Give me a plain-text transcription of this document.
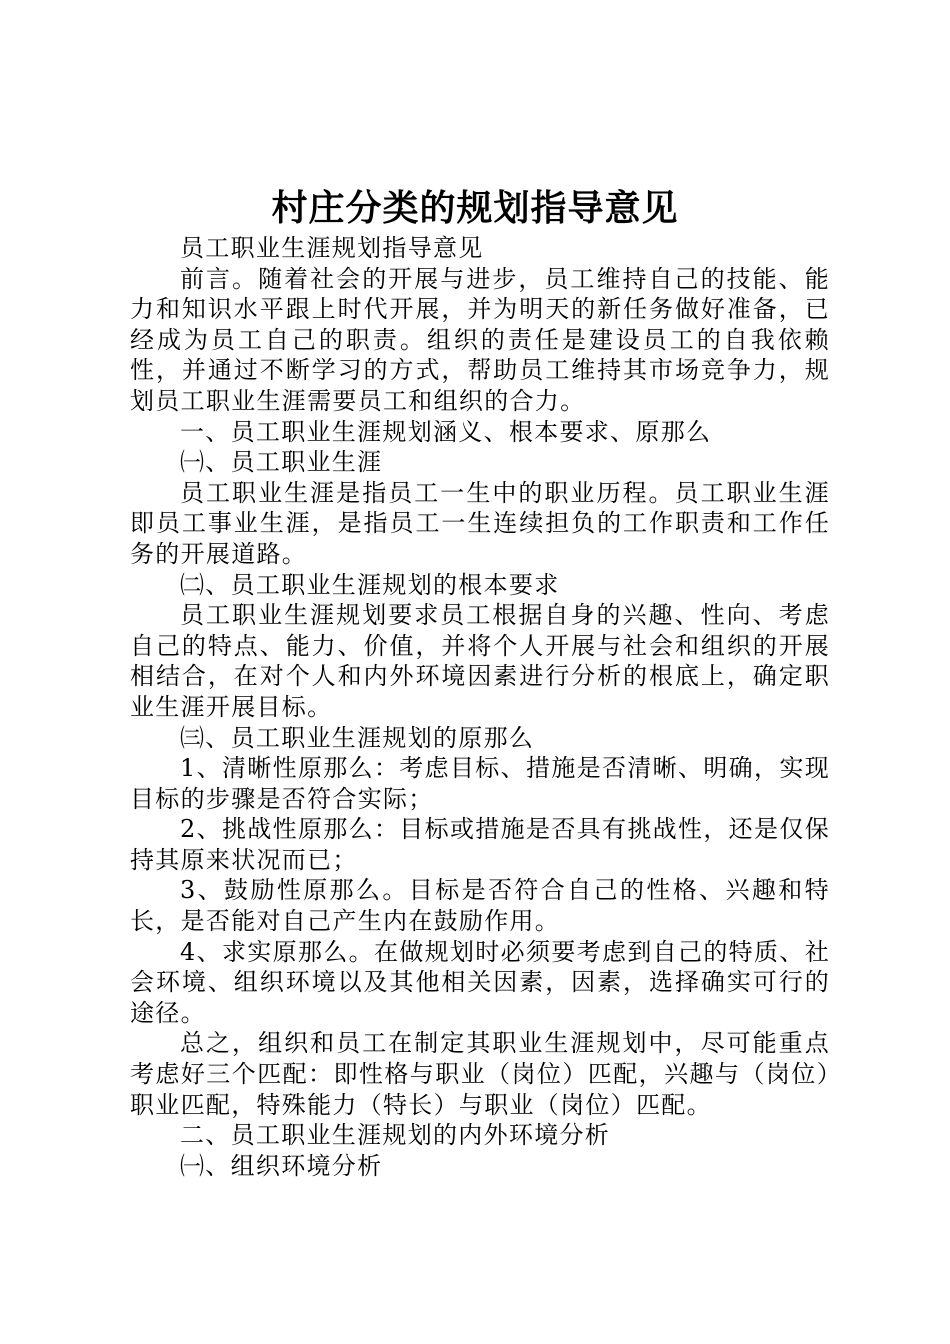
村庄分类的规划指导意见

员工职业生涯规划指导意见

前言。随着社会的开展与进步，员工维持自己的技能、能力和知识水平跟上时代开展，并为明天的新任务做好准备，已经成为员工自己的职责。组织的责任是建设员工的自我依赖性，并通过不断学习的方式，帮助员工维持其市场竞争力，规划员工职业生涯需要员工和组织的合力。

一、员工职业生涯规划涵义、根本要求、原那么

㈠、员工职业生涯

员工职业生涯是指员工一生中的职业历程。员工职业生涯即员工事业生涯，是指员工一生连续担负的工作职责和工作任务的开展道路。

㈡、员工职业生涯规划的根本要求

员工职业生涯规划要求员工根据自身的兴趣、性向、考虑自己的特点、能力、价值，并将个人开展与社会和组织的开展相结合，在对个人和内外环境因素进行分析的根底上，确定职业生涯开展目标。

㈢、员工职业生涯规划的原那么

1、清晰性原那么：考虑目标、措施是否清晰、明确，实现目标的步骤是否符合实际；

2、挑战性原那么：目标或措施是否具有挑战性，还是仅保持其原来状况而已；

3、鼓励性原那么。目标是否符合自己的性格、兴趣和特长，是否能对自己产生内在鼓励作用。

4、求实原那么。在做规划时必须要考虑到自己的特质、社会环境、组织环境以及其他相关因素，因素，选择确实可行的途径。

总之，组织和员工在制定其职业生涯规划中，尽可能重点考虑好三个匹配：即性格与职业（岗位）匹配，兴趣与（岗位）职业匹配，特殊能力（特长）与职业（岗位）匹配。

二、员工职业生涯规划的内外环境分析

㈠、组织环境分析
